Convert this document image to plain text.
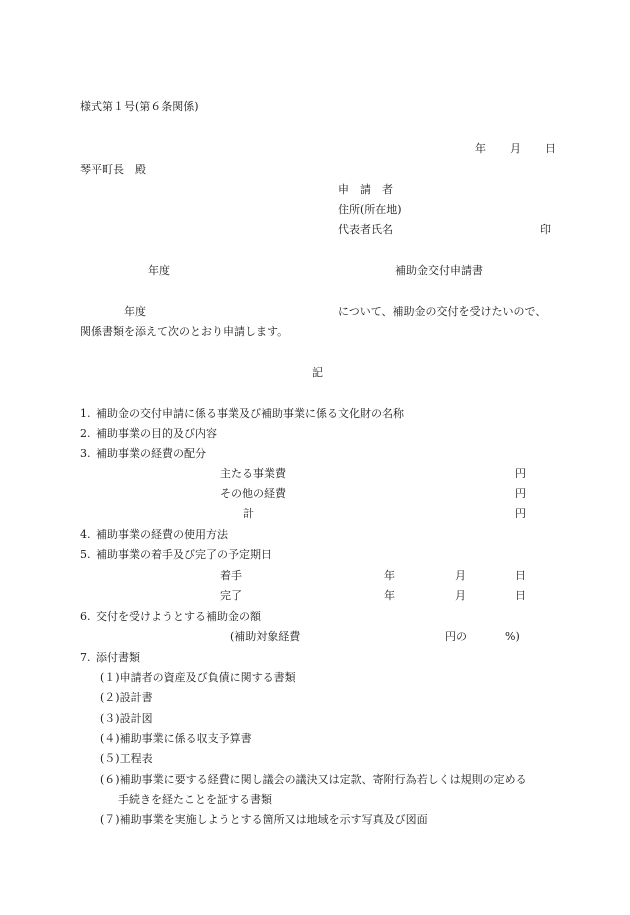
様式第１号(第６条関係)
年 月 日
琴平町長　殿
申　請　者
住所(所在地)
代表者氏名	印
年度	補助金交付申請書
年度	について、補助金の交付を受けたいので、
関係書類を添えて次のとおり申請します。
記
1. 補助金の交付申請に係る事業及び補助事業に係る文化財の名称
2. 補助事業の目的及び内容
3. 補助事業の経費の配分
主たる事業費	円
その他の経費	円
計	円
4. 補助事業の経費の使用方法
5. 補助事業の着手及び完了の予定期日
着手	年	月	日
完了	年	月	日
6. 交付を受けようとする補助金の額
(補助対象経費	円の	%)
7. 添付書類
(１)申請者の資産及び負債に関する書類
(２)設計書
(３)設計図
(４)補助事業に係る収支予算書
(５)工程表
(６)補助事業に要する経費に関し議会の議決又は定款、寄附行為若しくは規則の定める
手続きを経たことを証する書類
(７)補助事業を実施しようとする箇所又は地域を示す写真及び図面
